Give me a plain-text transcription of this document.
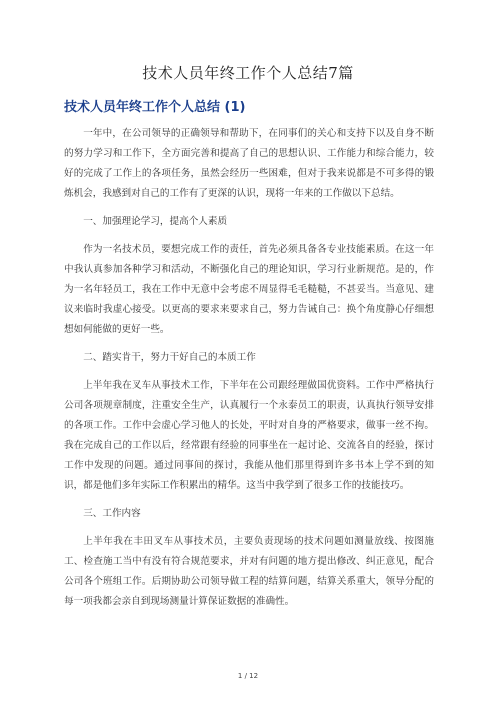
技术人员年终工作个人总结7篇
技术人员年终工作个人总结 (1)

一年中，在公司领导的正确领导和帮助下，在同事们的关心和支持下以及自身不断的努力学习和工作下，全方面完善和提高了自己的思想认识、工作能力和综合能力，较好的完成了工作上的各项任务，虽然会经历一些困难，但对于我来说都是不可多得的锻炼机会，我感到对自己的工作有了更深的认识，现将一年来的工作做以下总结。

一、加强理论学习，提高个人素质

作为一名技术员，要想完成工作的责任，首先必须具备各专业技能素质。在这一年中我认真参加各种学习和活动，不断强化自己的理论知识，学习行业新规范。是的，作为一名年轻员工，我在工作中无意中会考虑不周显得毛毛糙糙，不甚妥当。当意见、建议来临时我虚心接受。以更高的要求来要求自己，努力告诫自己：换个角度静心仔细想想如何能做的更好一些。

二、踏实肯干，努力干好自己的本质工作

上半年我在叉车从事技术工作，下半年在公司跟经理做国优资料。工作中严格执行公司各项规章制度，注重安全生产，认真履行一个永泰员工的职责，认真执行领导安排的各项工作。工作中会虚心学习他人的长处，平时对自身的严格要求，做事一丝不拘。我在完成自己的工作以后，经常跟有经验的同事坐在一起讨论、交流各自的经验，探讨工作中发现的问题。通过同事间的探讨，我能从他们那里得到许多书本上学不到的知识，都是他们多年实际工作积累出的精华。这当中我学到了很多工作的技能技巧。

三、工作内容

上半年我在丰田叉车从事技术员，主要负责现场的技术问题如测量放线、按图施工、检查施工当中有没有符合规范要求，并对有问题的地方提出修改、纠正意见，配合公司各个班组工作。后期协助公司领导做工程的结算问题，结算关系重大，领导分配的每一项我都会亲自到现场测量计算保证数据的准确性。

1 / 12
